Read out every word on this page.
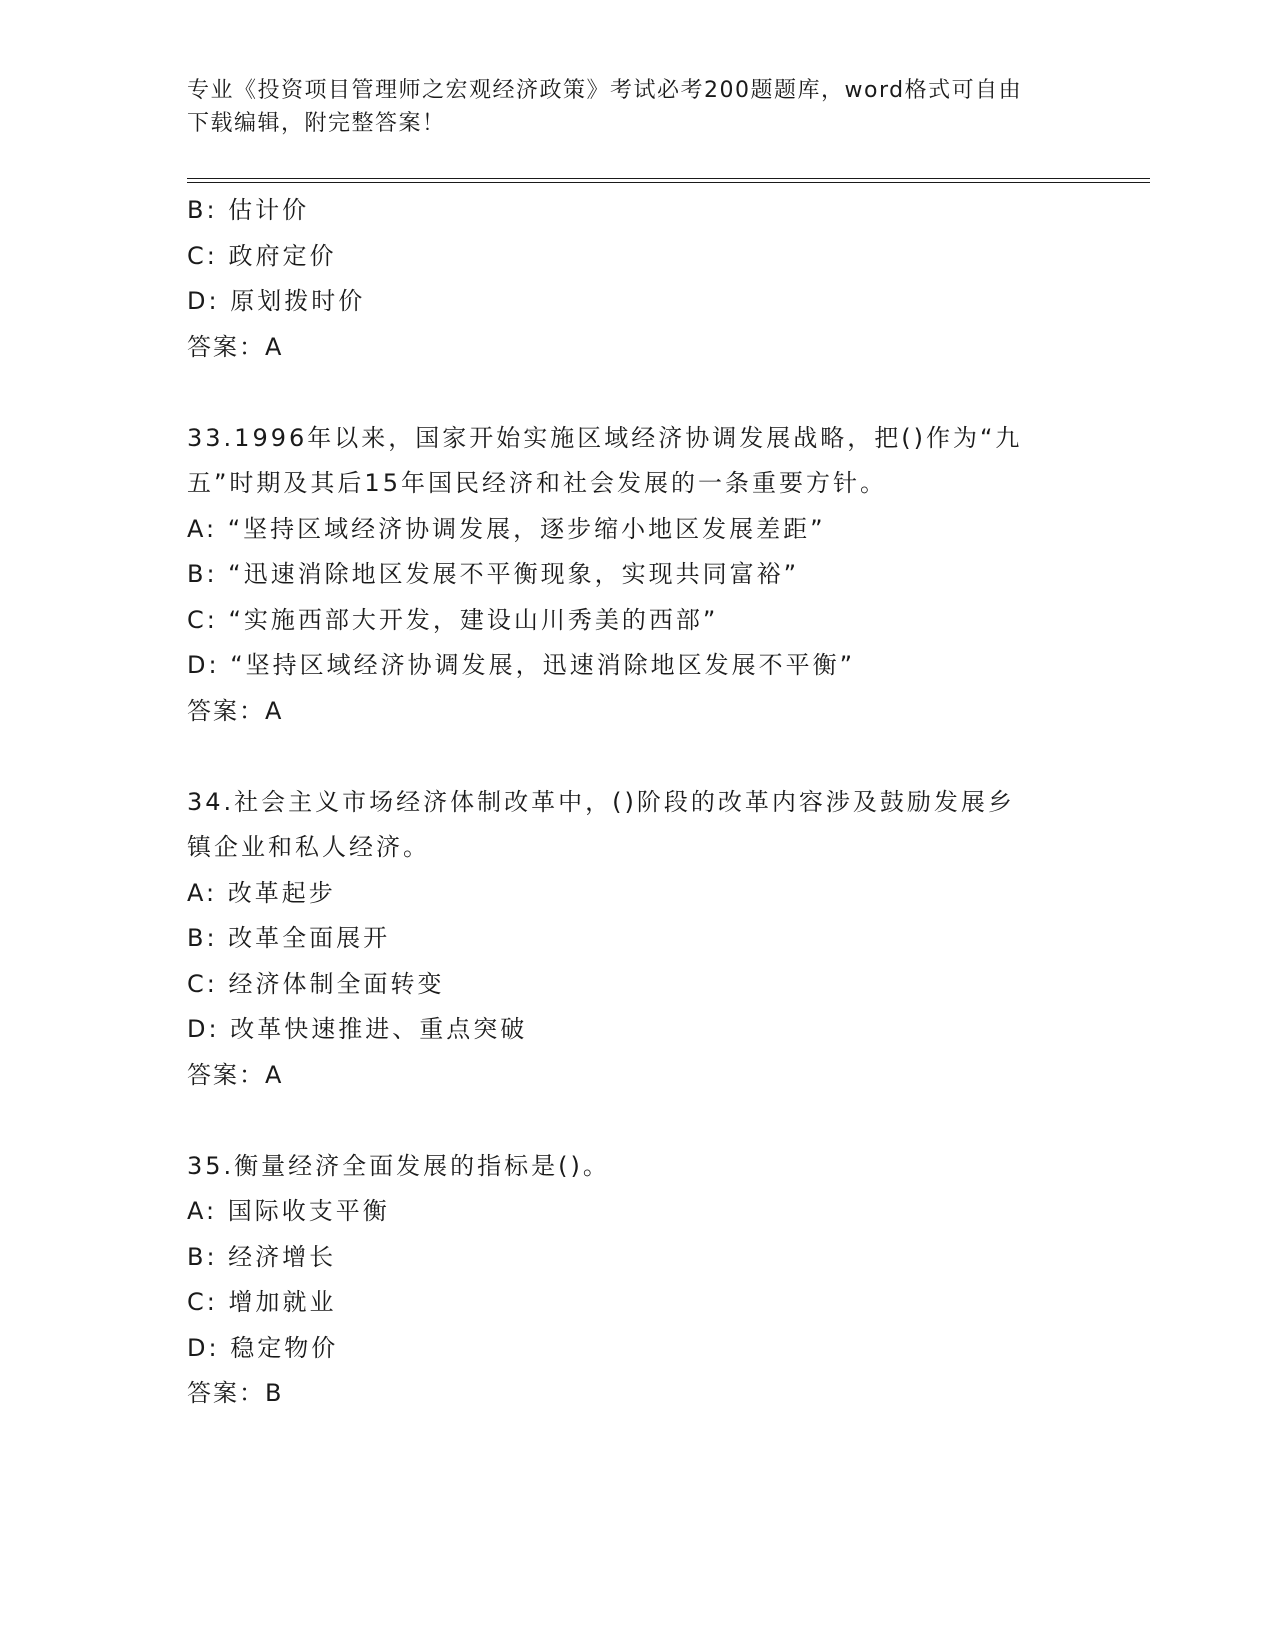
专业《投资项目管理师之宏观经济政策》考试必考200题题库，word格式可自由
下载编辑，附完整答案！
B: 估计价
C: 政府定价
D: 原划拨时价
答案：A
33.1996年以来，国家开始实施区域经济协调发展战略，把()作为“九
五”时期及其后15年国民经济和社会发展的一条重要方针。
A: “坚持区域经济协调发展，逐步缩小地区发展差距”
B: “迅速消除地区发展不平衡现象，实现共同富裕”
C: “实施西部大开发，建设山川秀美的西部”
D: “坚持区域经济协调发展，迅速消除地区发展不平衡”
答案：A
34.社会主义市场经济体制改革中，()阶段的改革内容涉及鼓励发展乡
镇企业和私人经济。
A: 改革起步
B: 改革全面展开
C: 经济体制全面转变
D: 改革快速推进、重点突破
答案：A
35.衡量经济全面发展的指标是()。
A: 国际收支平衡
B: 经济增长
C: 增加就业
D: 稳定物价
答案：B
